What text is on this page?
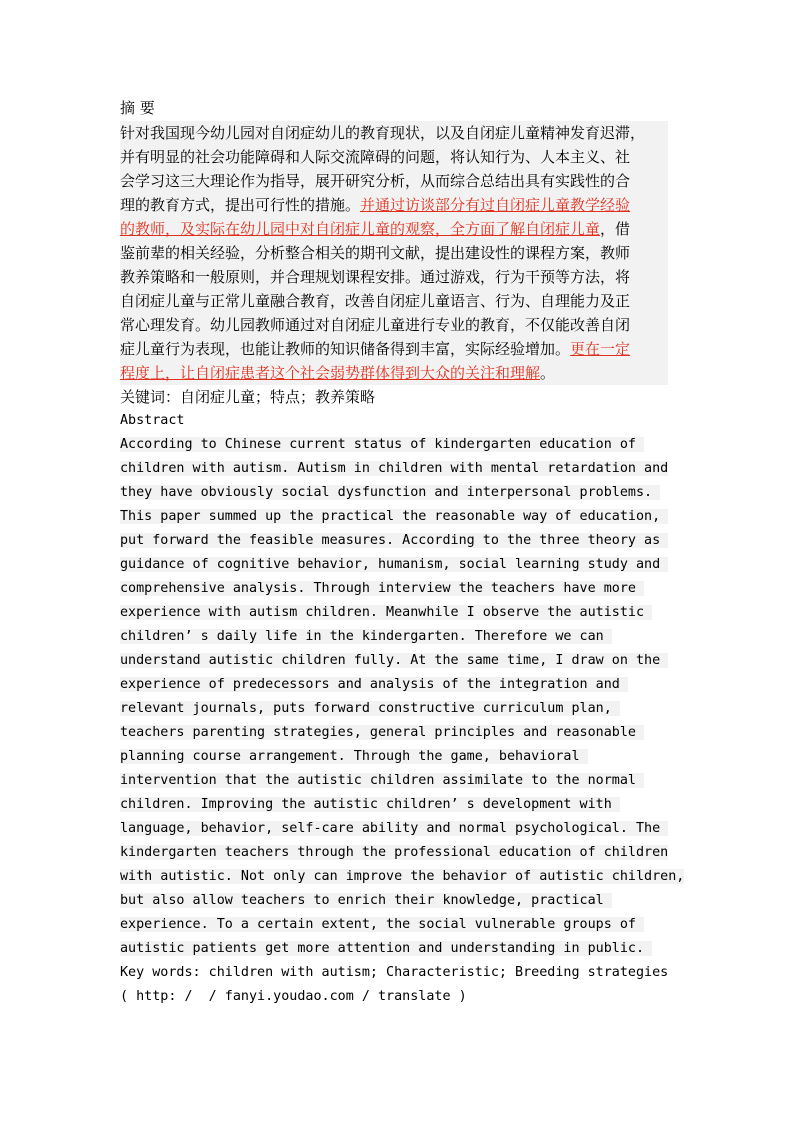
摘 要
针对我国现今幼儿园对自闭症幼儿的教育现状，以及自闭症儿童精神发育迟滞，
并有明显的社会功能障碍和人际交流障碍的问题，将认知行为、人本主义、社
会学习这三大理论作为指导，展开研究分析，从而综合总结出具有实践性的合
理的教育方式，提出可行性的措施。并通过访谈部分有过自闭症儿童教学经验
的教师，及实际在幼儿园中对自闭症儿童的观察，全方面了解自闭症儿童，借
鉴前辈的相关经验，分析整合相关的期刊文献，提出建设性的课程方案，教师
教养策略和一般原则，并合理规划课程安排。通过游戏，行为干预等方法，将
自闭症儿童与正常儿童融合教育，改善自闭症儿童语言、行为、自理能力及正
常心理发育。幼儿园教师通过对自闭症儿童进行专业的教育，不仅能改善自闭
症儿童行为表现，也能让教师的知识储备得到丰富，实际经验增加。更在一定
程度上，让自闭症患者这个社会弱势群体得到大众的关注和理解。
关键词：自闭症儿童；特点；教养策略
Abstract
According to Chinese current status of kindergarten education of
children with autism. Autism in children with mental retardation and
they have obviously social dysfunction and interpersonal problems.
This paper summed up the practical the reasonable way of education,
put forward the feasible measures. According to the three theory as
guidance of cognitive behavior, humanism, social learning study and
comprehensive analysis. Through interview the teachers have more
experience with autism children. Meanwhile I observe the autistic
children’ s daily life in the kindergarten. Therefore we can
understand autistic children fully. At the same time, I draw on the
experience of predecessors and analysis of the integration and
relevant journals, puts forward constructive curriculum plan,
teachers parenting strategies, general principles and reasonable
planning course arrangement. Through the game, behavioral
intervention that the autistic children assimilate to the normal
children. Improving the autistic children’ s development with
language, behavior, self-care ability and normal psychological. The
kindergarten teachers through the professional education of children
with autistic. Not only can improve the behavior of autistic children,
but also allow teachers to enrich their knowledge, practical
experience. To a certain extent, the social vulnerable groups of
autistic patients get more attention and understanding in public.
Key words: children with autism; Characteristic; Breeding strategies
( http: /  / fanyi.youdao.com / translate )
